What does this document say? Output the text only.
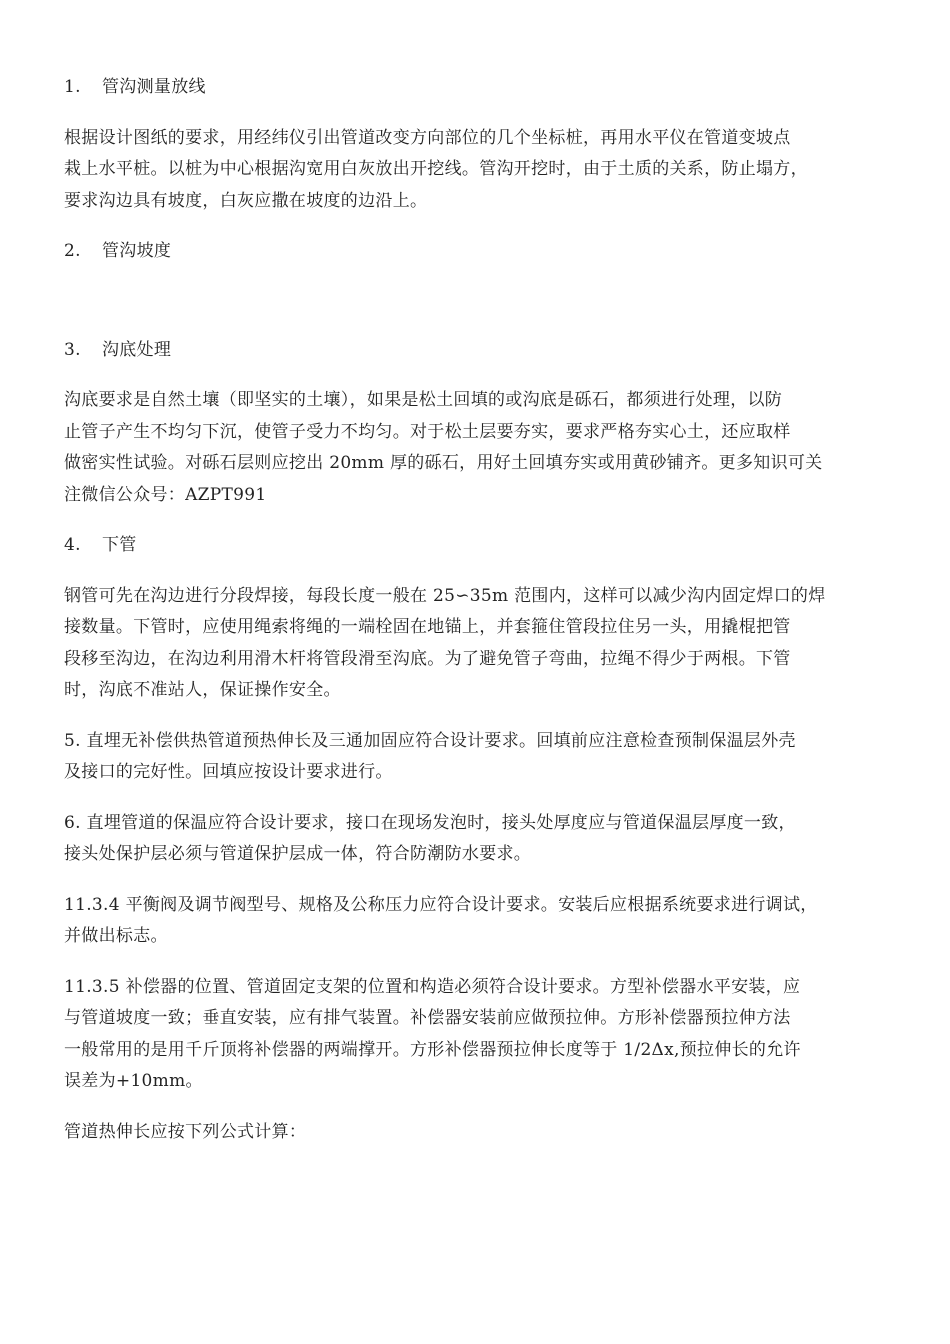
1. 管沟测量放线
根据设计图纸的要求，用经纬仪引出管道改变方向部位的几个坐标桩，再用水平仪在管道变坡点
栽上水平桩。以桩为中心根据沟宽用白灰放出开挖线。管沟开挖时，由于土质的关系，防止塌方，
要求沟边具有坡度，白灰应撒在坡度的边沿上。
2. 管沟坡度
3. 沟底处理
沟底要求是自然土壤（即坚实的土壤），如果是松土回填的或沟底是砾石，都须进行处理，以防
止管子产生不均匀下沉，使管子受力不均匀。对于松土层要夯实，要求严格夯实心土，还应取样
做密实性试验。对砾石层则应挖出 20mm 厚的砾石，用好土回填夯实或用黄砂铺齐。更多知识可关
注微信公众号：AZPT991
4. 下管
钢管可先在沟边进行分段焊接，每段长度一般在 25∽35m 范围内，这样可以减少沟内固定焊口的焊
接数量。下管时，应使用绳索将绳的一端栓固在地锚上，并套箍住管段拉住另一头，用撬棍把管
段移至沟边，在沟边利用滑木杆将管段滑至沟底。为了避免管子弯曲，拉绳不得少于两根。下管
时，沟底不准站人，保证操作安全。
5. 直埋无补偿供热管道预热伸长及三通加固应符合设计要求。回填前应注意检查预制保温层外壳
及接口的完好性。回填应按设计要求进行。
6. 直埋管道的保温应符合设计要求，接口在现场发泡时，接头处厚度应与管道保温层厚度一致，
接头处保护层必须与管道保护层成一体，符合防潮防水要求。
11.3.4 平衡阀及调节阀型号、规格及公称压力应符合设计要求。安装后应根据系统要求进行调试，
并做出标志。
11.3.5 补偿器的位置、管道固定支架的位置和构造必须符合设计要求。方型补偿器水平安装，应
与管道坡度一致；垂直安装，应有排气装置。补偿器安装前应做预拉伸。方形补偿器预拉伸方法
一般常用的是用千斤顶将补偿器的两端撑开。方形补偿器预拉伸长度等于 1/2Δx,预拉伸长的允许
误差为+10mm。
管道热伸长应按下列公式计算：
